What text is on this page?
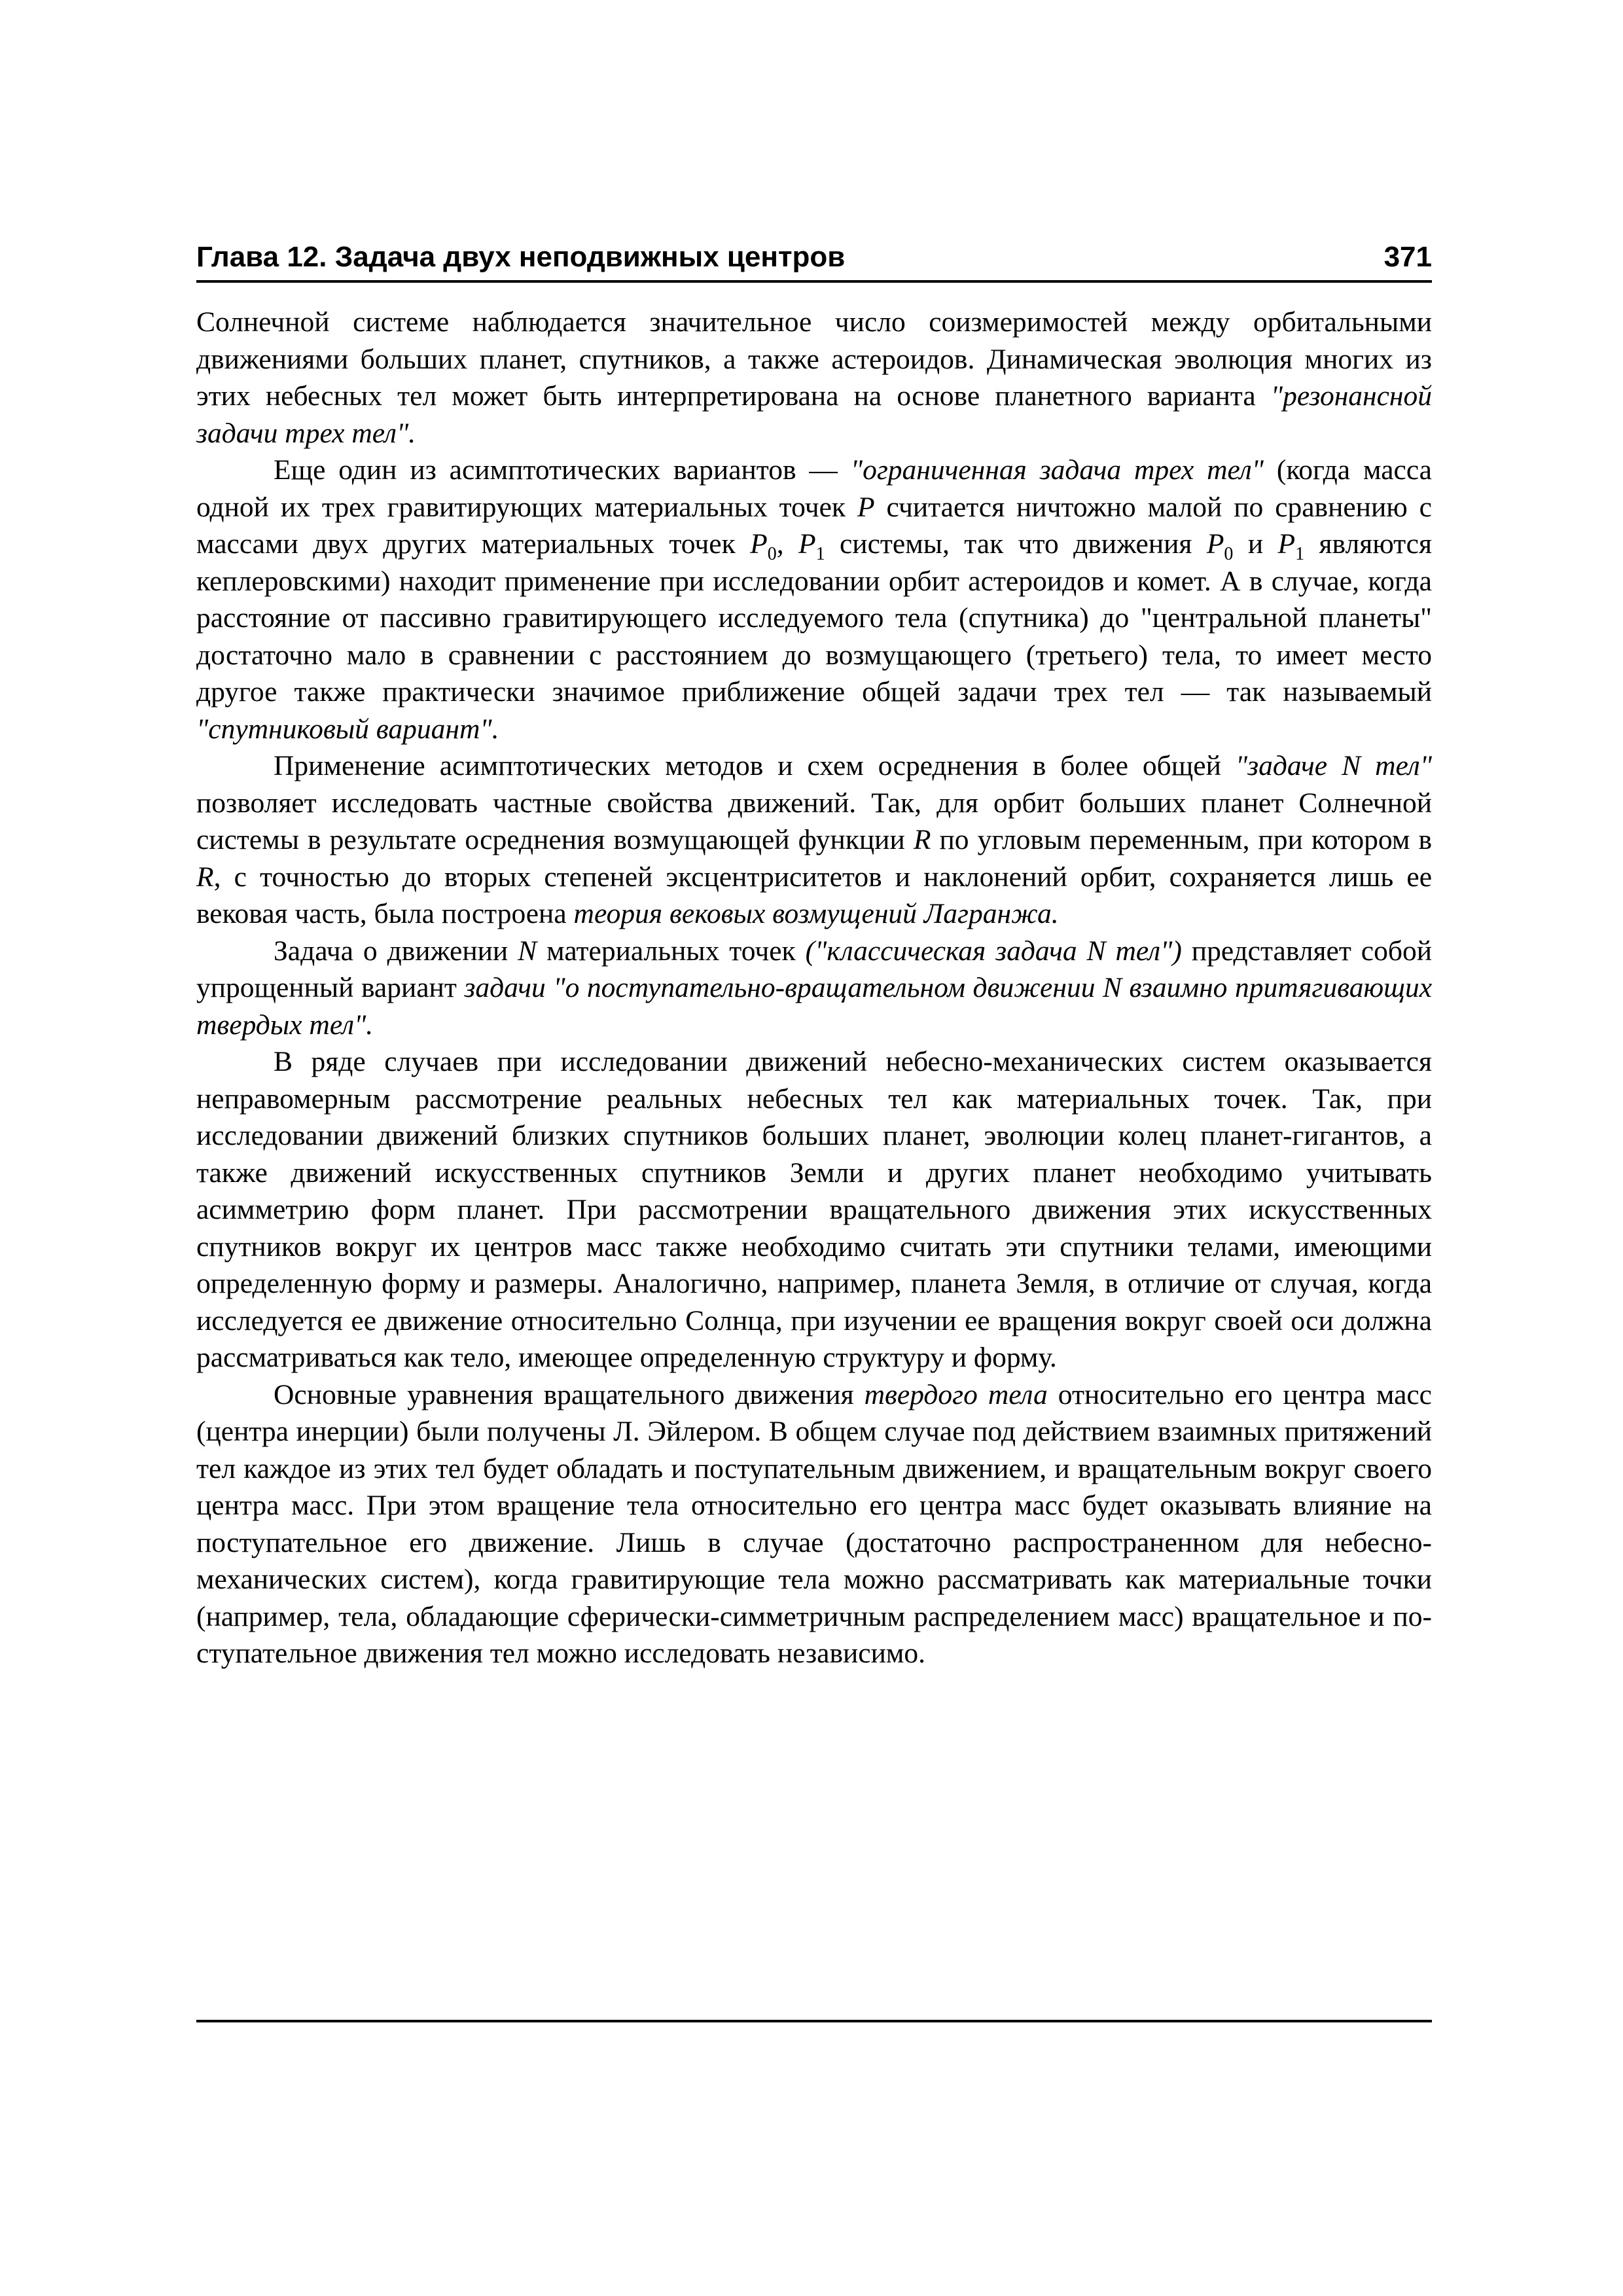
Глава 12. Задача двух неподвижных центров	371

Солнечной системе наблюдается значительное число соизмеримостей между орбитальными движениями больших планет, спутников, а также астероидов. Динамическая эволюция многих из этих небесных тел может быть интерпретирована на основе планетного варианта "резонансной задачи трех тел".

Еще один из асимптотических вариантов — "ограниченная задача трех тел" (когда масса одной их трех гравитирующих материальных точек P считается ничтожно малой по сравнению с массами двух других материальных точек $P_0$, $P_1$ системы, так что движения $P_0$ и $P_1$ являются кеплеровскими) находит применение при исследовании орбит астероидов и комет. А в случае, когда расстояние от пассивно гравитирующего исследуемого тела (спутника) до "центральной планеты" достаточно мало в сравнении с расстоянием до возмущающего (третьего) тела, то имеет место другое также практически значимое приближение общей задачи трех тел — так называемый "спутниковый вариант".

Применение асимптотических методов и схем осреднения в более общей "задаче N тел" позволяет исследовать частные свойства движений. Так, для орбит больших планет Солнечной системы в результате осреднения возмущающей функции R по угловым переменным, при котором в R, с точностью до вторых степеней эксцентриситетов и наклонений орбит, сохраняется лишь ее вековая часть, была построена теория вековых возмущений Лагранжа.

Задача о движении N материальных точек ("классическая задача N тел") представляет собой упрощенный вариант задачи "о поступательно-вращательном движении N взаимно притягивающих твердых тел".

В ряде случаев при исследовании движений небесно-механических систем оказывается неправомерным рассмотрение реальных небесных тел как материальных точек. Так, при исследовании движений близких спутников больших планет, эволюции колец планет-гигантов, а также движений искусственных спутников Земли и других планет необходимо учитывать асимметрию форм планет. При рассмотрении вращательного движения этих искусственных спутников вокруг их центров масс также необходимо считать эти спутники телами, имеющими определенную форму и размеры. Аналогично, например, планета Земля, в отличие от случая, когда исследуется ее движение относительно Солнца, при изучении ее вращения вокруг своей оси должна рассматриваться как тело, имеющее определенную структуру и форму.

Основные уравнения вращательного движения твердого тела относительно его центра масс (центра инерции) были получены Л. Эйлером. В общем случае под действием взаимных притяжений тел каждое из этих тел будет обладать и поступательным движением, и вращательным вокруг своего центра масс. При этом вращение тела относительно его центра масс будет оказывать влияние на поступательное его движение. Лишь в случае (достаточно распространенном для небесно-механических систем), когда гравитирующие тела можно рассматривать как материальные точки (например, тела, обладающие сферически-симметричным распределением масс) вращательное и поступательное движения тел можно исследовать независимо.
